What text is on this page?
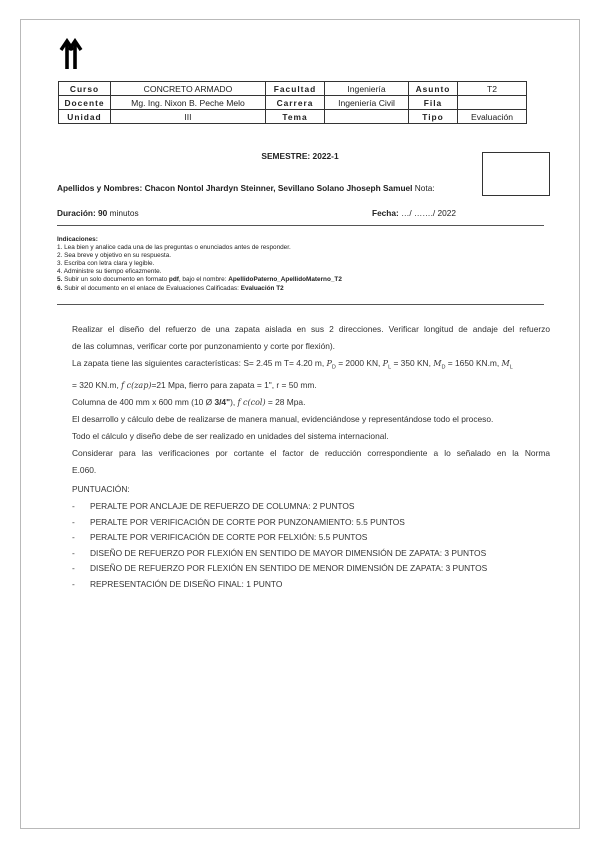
Curso	CONCRETO ARMADO	Facultad	Ingeniería	Asunto	T2
Docente	Mg. Ing. Nixon B. Peche Melo	Carrera	Ingeniería Civil	Fila	
Unidad	III	Tema		Tipo	Evaluación
SEMESTRE: 2022-1
Apellidos y Nombres: Chacon Nontol Jhardyn Steinner, Sevillano Solano Jhoseph Samuel Nota:
Duración: 90 minutos	Fecha: …/ ……./ 2022
Indicaciones:
1. Lea bien y analice cada una de las preguntas o enunciados antes de responder.
2. Sea breve y objetivo en su respuesta.
3. Escriba con letra clara y legible.
4. Administre su tiempo eficazmente.
5. Subir un solo documento en formato pdf, bajo el nombre: ApellidoPaterno_ApellidoMaterno_T2
6. Subir el documento en el enlace de Evaluaciones Calificadas: Evaluación T2

Realizar el diseño del refuerzo de una zapata aislada en sus 2 direcciones. Verificar longitud de andaje del refuerzo

de las columnas, verificar corte por punzonamiento y corte por flexión).

La zapata tiene las siguientes características: S= 2.45 m T= 4.20 m, $P_D = 2000$ KN, $P_L = 350$ KN, $M_D = 1650$ KN.m, $M_L$

= 320 KN.m, f c(zap)=21 Mpa, fierro para zapata = 1", r = 50 mm.

Columna de 400 mm x 600 mm (10 Ø 3/4"), f c(col) = 28 Mpa.

El desarrollo y cálculo debe de realizarse de manera manual, evidenciándose y representándose todo el proceso.

Todo el cálculo y diseño debe de ser realizado en unidades del sistema internacional.

Considerar para las verificaciones por cortante el factor de reducción correspondiente a lo señalado en la Norma

E.060.

PUNTUACIÓN:
- PERALTE POR ANCLAJE DE REFUERZO DE COLUMNA: 2 PUNTOS
- PERALTE POR VERIFICACIÓN DE CORTE POR PUNZONAMIENTO: 5.5 PUNTOS
- PERALTE POR VERIFICACIÓN DE CORTE POR FELXIÓN: 5.5 PUNTOS
- DISEÑO DE REFUERZO POR FLEXIÓN EN SENTIDO DE MAYOR DIMENSIÓN DE ZAPATA: 3 PUNTOS
- DISEÑO DE REFUERZO POR FLEXIÓN EN SENTIDO DE MENOR DIMENSIÓN DE ZAPATA: 3 PUNTOS
- REPRESENTACIÓN DE DISEÑO FINAL: 1 PUNTO
